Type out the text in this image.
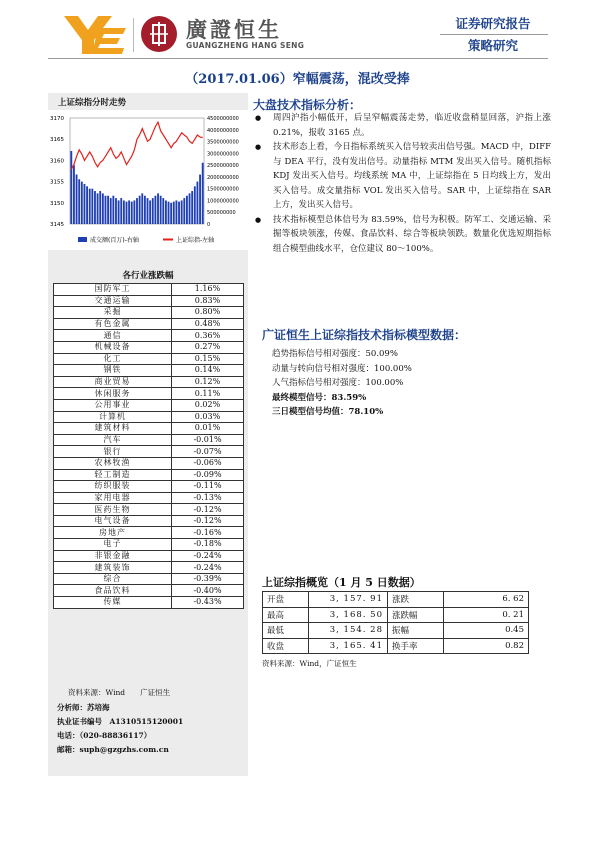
廣證恒生
GUANGZHENG HANG SENG
证券研究报告
策略研究
（2017.01.06）窄幅震荡，混改受捧
上证综指分时走势
3170
3165
3160
3155
3150
3145
4500000000
4000000000
3500000000
3000000000
2500000000
2000000000
1500000000
1000000000
500000000
0
成交额(百万)-右轴	上证综指-左轴
各行业涨跌幅
国防军工	1.16%
交通运输	0.83%
采掘	0.80%
有色金属	0.48%
通信	0.36%
机械设备	0.27%
化工	0.15%
钢铁	0.14%
商业贸易	0.12%
休闲服务	0.11%
公用事业	0.02%
计算机	0.03%
建筑材料	0.01%
汽车	-0.01%
银行	-0.07%
农林牧渔	-0.06%
轻工制造	-0.09%
纺织服装	-0.11%
家用电器	-0.13%
医药生物	-0.12%
电气设备	-0.12%
房地产	-0.16%
电子	-0.18%
非银金融	-0.24%
建筑装饰	-0.24%
综合	-0.39%
食品饮料	-0.40%
传媒	-0.43%
资料来源：Wind　　广证恒生
分析师：苏培海
执业证书编号　A1310515120001
电话：（020-88836117）
邮箱：suph@gzgzhs.com.cn
大盘技术指标分析：
● 周四沪指小幅低开，后呈窄幅震荡走势，临近收盘稍显回落，沪指上涨 0.21%，报收 3165 点。
● 技术形态上看，今日指标系统买入信号较卖出信号强。MACD 中，DIFF 与 DEA 平行，没有发出信号。动量指标 MTM 发出买入信号。随机指标 KDJ 发出买入信号。均线系统 MA 中，上证综指在 5 日均线上方，发出买入信号。成交量指标 VOL 发出买入信号。SAR 中，上证综指在 SAR 上方，发出买入信号。
● 技术指标模型总体信号为 83.59%，信号为积极。防军工、交通运输、采掘等板块领涨，传媒、食品饮料、综合等板块领跌。数量化优选短期指标组合模型曲线水平，仓位建议 80～100%。
广证恒生上证综指技术指标模型数据：
趋势指标信号相对强度：50.09%
动量与转向信号相对强度：100.00%
人气指标信号相对强度：100.00%
最终模型信号：83.59%
三日模型信号均值：78.10%
上证综指概览（1 月 5 日数据）
开盘	3, 157. 91	涨跌	6. 62
最高	3, 168. 50	涨跌幅	0. 21
最低	3, 154. 28	振幅	0.45
收盘	3, 165. 41	换手率	0.82
资料来源：Wind，广证恒生
